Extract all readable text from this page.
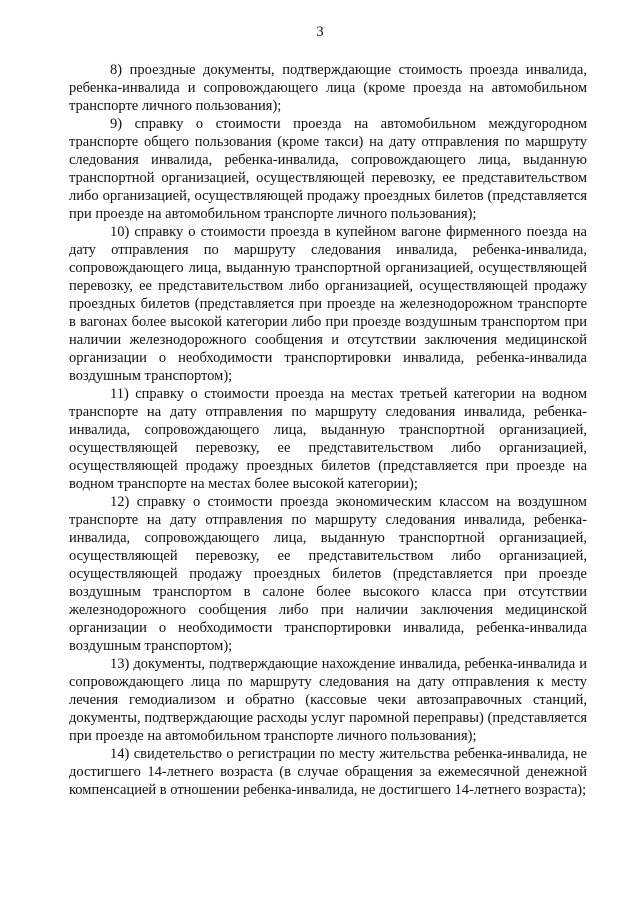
3

8) проездные документы, подтверждающие стоимость проезда инвалида, ребенка-инвалида и сопровождающего лица (кроме проезда на автомобильном транспорте личного пользования);

9) справку о стоимости проезда на автомобильном междугородном транспорте общего пользования (кроме такси) на дату отправления по маршруту следования инвалида, ребенка-инвалида, сопровождающего лица, выданную транспортной организацией, осуществляющей перевозку, ее представительством либо организацией, осуществляющей продажу проездных билетов (представляется при проезде на автомобильном транспорте личного пользования);

10) справку о стоимости проезда в купейном вагоне фирменного поезда на дату отправления по маршруту следования инвалида, ребенка-инвалида, сопровождающего лица, выданную транспортной организацией, осуществляющей перевозку, ее представительством либо организацией, осуществляющей продажу проездных билетов (представляется при проезде на железнодорожном транспорте в вагонах более высокой категории либо при проезде воздушным транспортом при наличии железнодорожного сообщения и отсутствии заключения медицинской организации о необходимости транспортировки инвалида, ребенка-инвалида воздушным транспортом);

11) справку о стоимости проезда на местах третьей категории на водном транспорте на дату отправления по маршруту следования инвалида, ребенка-инвалида, сопровождающего лица, выданную транспортной организацией, осуществляющей перевозку, ее представительством либо организацией, осуществляющей продажу проездных билетов (представляется при проезде на водном транспорте на местах более высокой категории);

12) справку о стоимости проезда экономическим классом на воздушном транспорте на дату отправления по маршруту следования инвалида, ребенка-инвалида, сопровождающего лица, выданную транспортной организацией, осуществляющей перевозку, ее представительством либо организацией, осуществляющей продажу проездных билетов (представляется при проезде воздушным транспортом в салоне более высокого класса при отсутствии железнодорожного сообщения либо при наличии заключения медицинской организации о необходимости транспортировки инвалида, ребенка-инвалида воздушным транспортом);

13) документы, подтверждающие нахождение инвалида, ребенка-инвалида и сопровождающего лица по маршруту следования на дату отправления к месту лечения гемодиализом и обратно (кассовые чеки автозаправочных станций, документы, подтверждающие расходы услуг паромной переправы) (представляется при проезде на автомобильном транспорте личного пользования);

14) свидетельство о регистрации по месту жительства ребенка-инвалида, не достигшего 14-летнего возраста (в случае обращения за ежемесячной денежной компенсацией в отношении ребенка-инвалида, не достигшего 14-летнего возраста);
